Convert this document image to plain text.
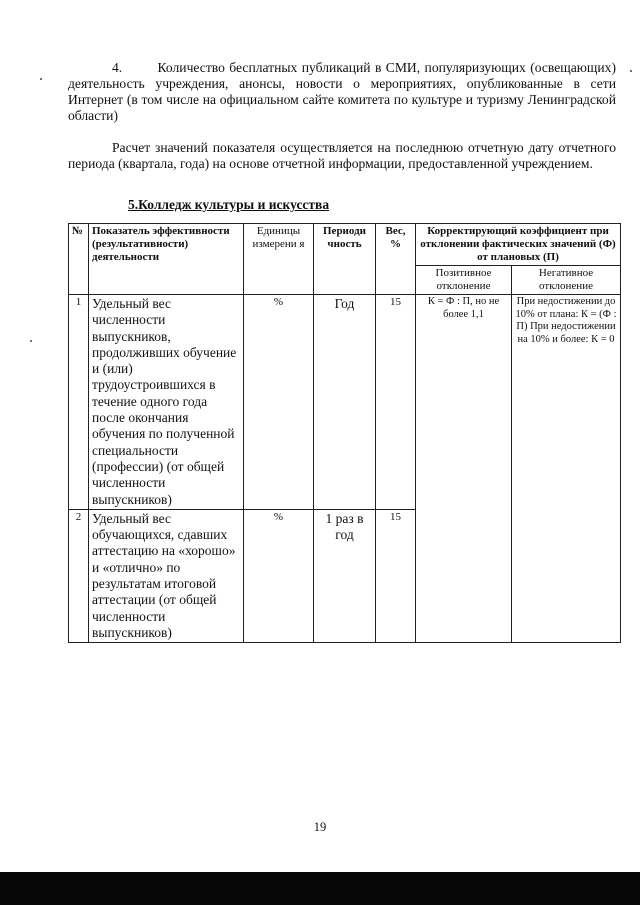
4.	Количество бесплатных публикаций в СМИ, популяризующих (освещающих) деятельность учреждения, анонсы, новости о мероприятиях, опубликованные в сети Интернет (в том числе на официальном сайте комитета по культуре и туризму Ленинградской области)

Расчет значений показателя осуществляется на последнюю отчетную дату отчетного периода (квартала, года) на основе отчетной информации, предоставленной учреждением.

5.Колледж культуры и искусства
№	Показатель эффективности (результативности) деятельности	Единицы измерени я	Периоди чность	Вес, %	Корректирующий коэффициент при отклонении фактических значений (Ф) от плановых (П)	
					Позитивное отклонение	Негативное отклонение
1	Удельный вес численности выпускников, продолживших обучение и (или) трудоустроившихся в течение одного года после окончания обучения по полученной специальности (профессии) (от общей численности выпускников)	%	Год	15	К = Ф : П, но не более 1,1	При недостижении до 10% от плана: К = (Ф : П) При недостижении на 10% и более: К = 0
2	Удельный вес обучающихся, сдавших аттестацию на «хорошо» и «отлично» по результатам итоговой аттестации (от общей численности выпускников)	%	1 раз в год	15		
19
